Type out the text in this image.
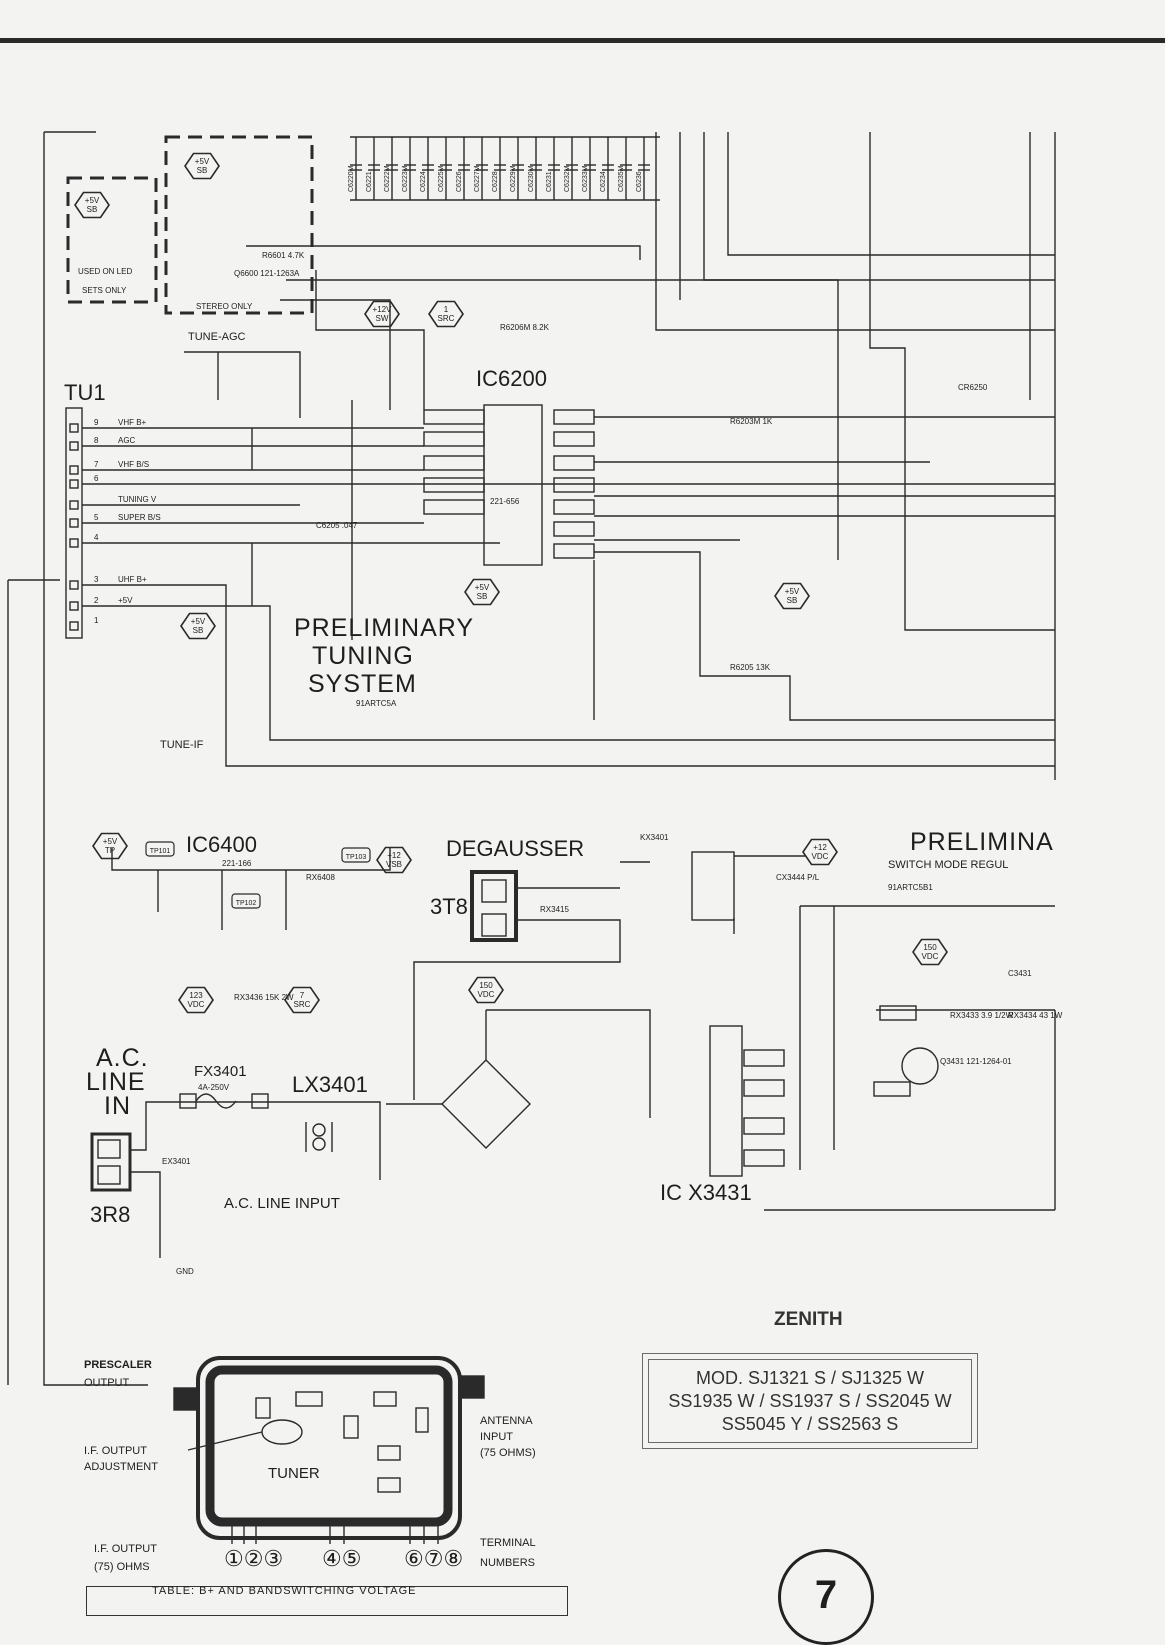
TU1
TUNE-AGC
TUNE-IF
IC6200
221-656
USED ON LED
SETS ONLY
STEREO ONLY
PRELIMINARY
TUNING
SYSTEM
91ARTC5A
IC6400
221-166
DEGAUSSER
3T8
A.C.
LINE
IN
FX3401
4A-250V	LX3401
A.C. LINE INPUT
3R8
EX3401
GND
PRELIMINA
SWITCH MODE REGUL
91ARTC5B1
IC X3431
PRESCALER
OUTPUT
I.F. OUTPUT
ADJUSTMENT	TUNER
ANTENNA
INPUT
(75 OHMS)
I.F. OUTPUT
(75) OHMS
TERMINAL
NUMBERS
①②③ ④⑤ ⑥⑦⑧
R6206M 8.2K
R6601 4.7K
R6203M 1K
R6205 13K
C6205 .047
RX3436 15K 2W
RX6408
RX3415
KX3401
CX3444 P/L
C3431
RX3434 43 1W
RX3433 3.9 1/2W
Q3431 121-1264-01
CR6250
Q6600 121-1263A
C6220M C6221 C6222M C6223M C6224 C6225M C6226 C6227M C6228 C6229M C6230M C6231 C6232M C6233M C6234 C6235M C6236
9 VHF B+
8 AGC
7 VHF B/S
6
TUNING V
5 SUPER B/S
4
3 UHF B+
2 +5V
1
+5V
SB
+5V
SB
+12V
SW
1
SRC
+5V
SB
+5V
SB
+5V
SB
+5V
TP
+12
VSB
123
VDC
7
SRC
150
VDC
150
VDC
+12
VDC
TP101
TP102
TP103
ZENITH
MOD. SJ1321 S / SJ1325 W
SS1935 W / SS1937 S / SS2045 W
SS5045 Y / SS2563 S
7
TABLE: B+ AND BANDSWITCHING VOLTAGE
